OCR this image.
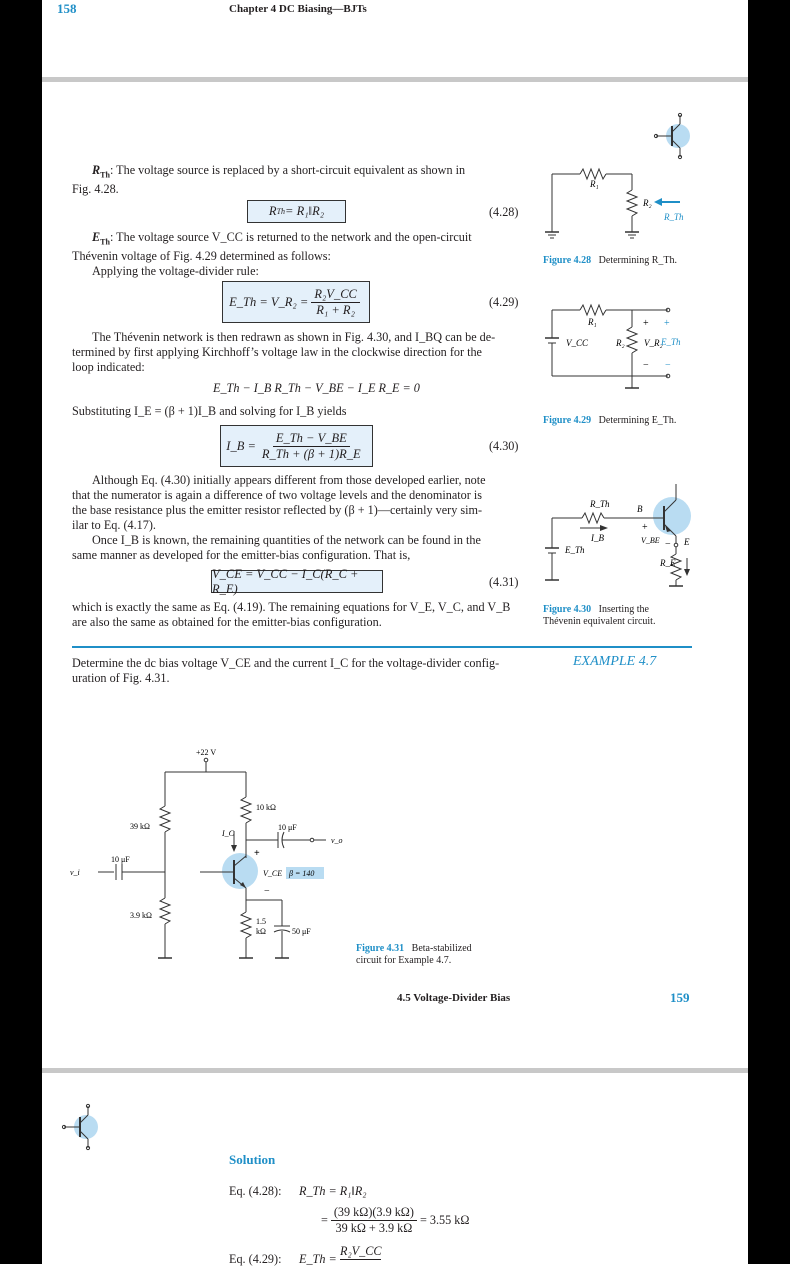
158	Chapter 4 DC Biasing—BJTs
$R_{Th}$: The voltage source is replaced by a short-circuit equivalent as shown in
Fig. 4.28.
R Th = R₁‖R₂	(4.28)
$E_{Th}$: The voltage source V_CC is returned to the network and the open-circuit
Thévenin voltage of Fig. 4.29 determined as follows:
Applying the voltage-divider rule:
E_Th = V_R₂ = $\frac{\text{R₂V\_CC}}{\text{R₁ + R₂}}$	(4.29)
The Thévenin network is then redrawn as shown in Fig. 4.30, and I_BQ can be de-
termined by first applying Kirchhoff’s voltage law in the clockwise direction for the
loop indicated:
E_Th − I_B R_Th − V_BE − I_E R_E = 0
Substituting I_E = (β + 1)I_B and solving for I_B yields
I_B = $\frac{E\_Th - V\_BE}{R\_Th + (\beta + 1)R\_E}$	(4.30)
Although Eq. (4.30) initially appears different from those developed earlier, note
that the numerator is again a difference of two voltage levels and the denominator is
the base resistance plus the emitter resistor reflected by (β + 1)—certainly very sim-
ilar to Eq. (4.17).
Once I_B is known, the remaining quantities of the network can be found in the
same manner as developed for the emitter-bias configuration. That is,
V_CE = V_CC − I_C(R_C + R_E)	(4.31)
which is exactly the same as Eq. (4.19). The remaining equations for V_E, V_C, and V_B
are also the same as obtained for the emitter-bias configuration.
EXAMPLE 4.7
Determine the dc bias voltage V_CE and the current I_C for the voltage-divider config-
uration of Fig. 4.31.
R₁
R₂
R_Th
Figure 4.28 Determining R_Th.
R₁
V_CC	R₂ V_R₂
+
−
+
E_Th
−
Figure 4.29 Determining E_Th.
R_Th	B
I_B
+
V_BE − E
E_Th
R_E
Figure 4.30 Inserting the
Thévenin equivalent circuit.
+22 V
10 kΩ
39 kΩ
3.9 kΩ
1.5
kΩ
10 μF
10 μF
50 μF
I_C
+
V_CE β = 140
−
v_i
v_o
Figure 4.31 Beta-stabilized
circuit for Example 4.7.
4.5 Voltage-Divider Bias	159
Solution
Eq. (4.28): R_Th = R₁‖R₂
= $\frac{(39 k\Omega)(3.9 k\Omega)}{39 k\Omega + 3.9 k\Omega} = 3.55$ kΩ
Eq. (4.29): E_Th =
R₂V_CC
